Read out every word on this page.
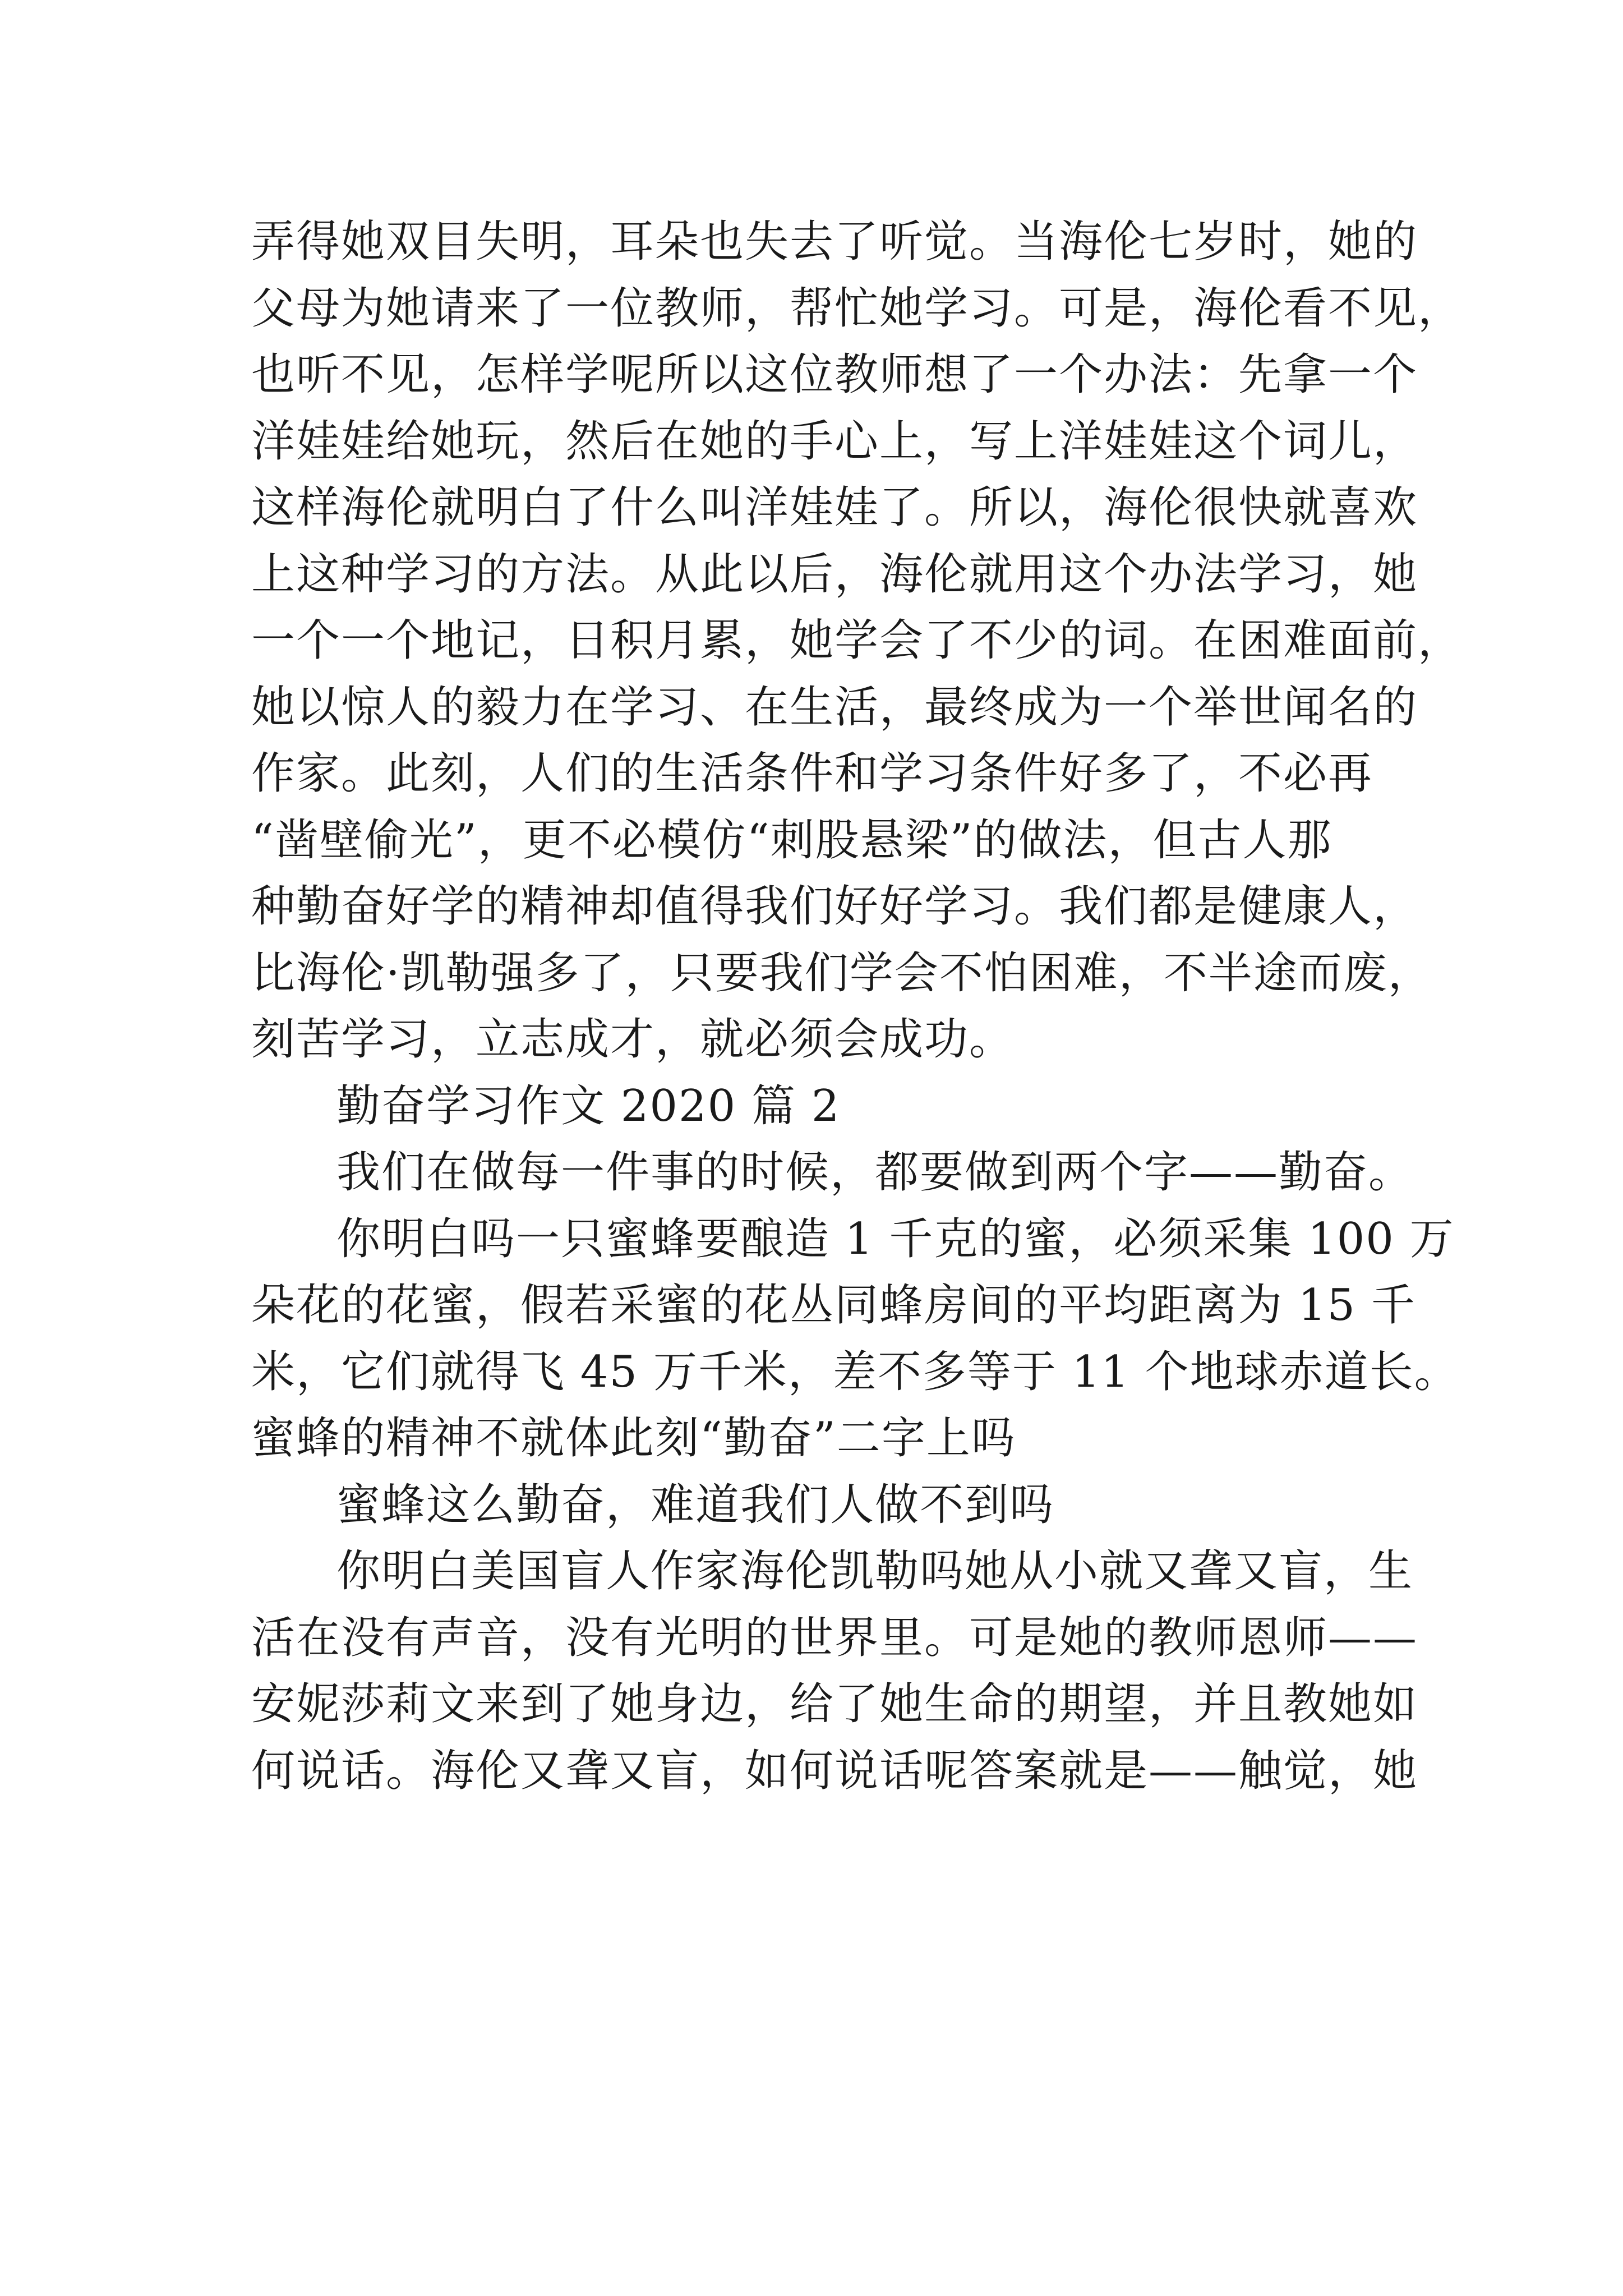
弄得她双目失明，耳朵也失去了听觉。当海伦七岁时，她的
父母为她请来了一位教师，帮忙她学习。可是，海伦看不见，
也听不见，怎样学呢所以这位教师想了一个办法：先拿一个
洋娃娃给她玩，然后在她的手心上，写上洋娃娃这个词儿，
这样海伦就明白了什么叫洋娃娃了。所以，海伦很快就喜欢
上这种学习的方法。从此以后，海伦就用这个办法学习，她
一个一个地记，日积月累，她学会了不少的词。在困难面前，
她以惊人的毅力在学习、在生活，最终成为一个举世闻名的
作家。此刻，人们的生活条件和学习条件好多了，不必再
“凿壁偷光”，更不必模仿“刺股悬梁”的做法，但古人那
种勤奋好学的精神却值得我们好好学习。我们都是健康人，
比海伦·凯勒强多了，只要我们学会不怕困难，不半途而废，
刻苦学习，立志成才，就必须会成功。
勤奋学习作文 2020 篇 2
我们在做每一件事的时候，都要做到两个字——勤奋。
你明白吗一只蜜蜂要酿造 1 千克的蜜，必须采集 100 万
朵花的花蜜，假若采蜜的花丛同蜂房间的平均距离为 15 千
米，它们就得飞 45 万千米，差不多等于 11 个地球赤道长。
蜜蜂的精神不就体此刻“勤奋”二字上吗
蜜蜂这么勤奋，难道我们人做不到吗
你明白美国盲人作家海伦凯勒吗她从小就又聋又盲，生
活在没有声音，没有光明的世界里。可是她的教师恩师——
安妮莎莉文来到了她身边，给了她生命的期望，并且教她如
何说话。海伦又聋又盲，如何说话呢答案就是——触觉，她
